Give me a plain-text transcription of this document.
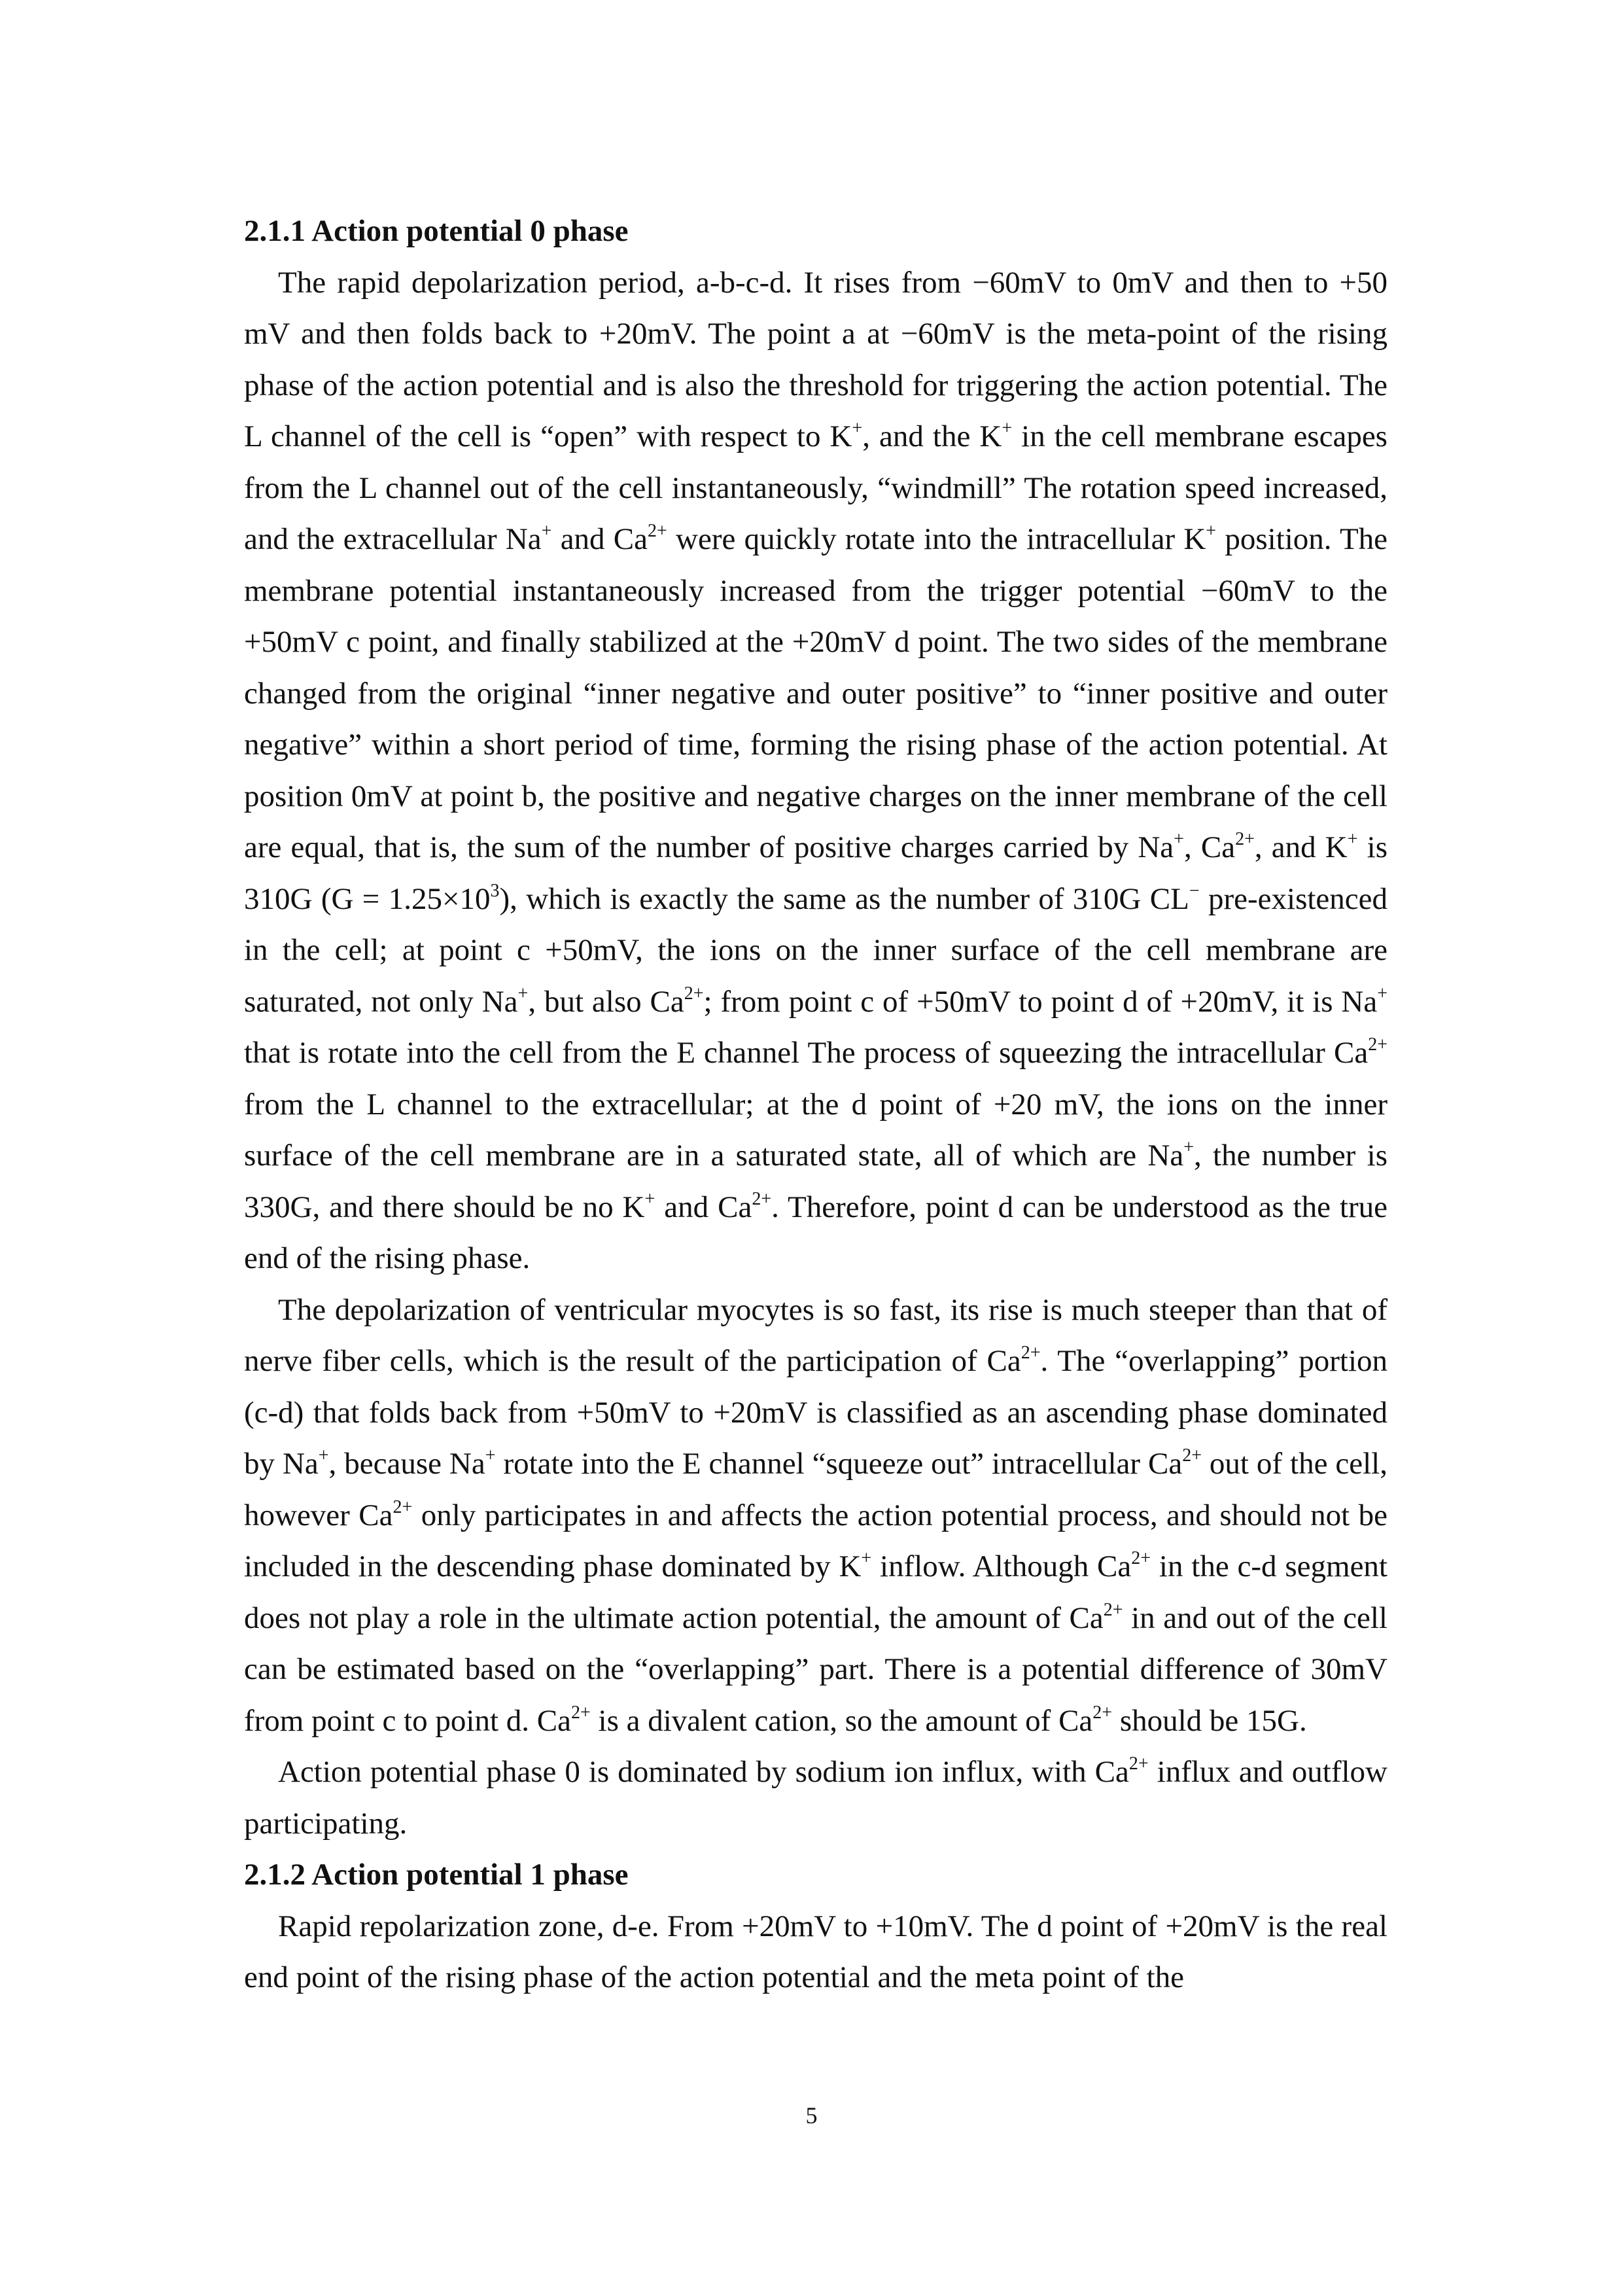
2.1.1 Action potential 0 phase

The rapid depolarization period, a-b-c-d. It rises from −60mV to 0mV and then to +50 mV and then folds back to +20mV. The point a at −60mV is the meta-point of the rising phase of the action potential and is also the threshold for triggering the action potential. The L channel of the cell is “open” with respect to K+, and the K+ in the cell membrane escapes from the L channel out of the cell instantaneously, “windmill” The rotation speed increased, and the extracellular Na+ and $Ca^{2+}$ were quickly rotate into the intracellular K+ position. The membrane potential instantaneously increased from the trigger potential −60mV to the +50mV c point, and finally stabilized at the +20mV d point. The two sides of the membrane changed from the original “inner negative and outer positive” to “inner positive and outer negative” within a short period of time, forming the rising phase of the action potential. At position 0mV at point b, the positive and negative charges on the inner membrane of the cell are equal, that is, the sum of the number of positive charges carried by Na+, $Ca^{2+}$, and K+ is 310G $(G = 1.25\times 10^3)$, which is exactly the same as the number of 310G CL− pre-existenced in the cell; at point c +50mV, the ions on the inner surface of the cell membrane are saturated, not only Na+, but also $Ca^{2+}$; from point c of +50mV to point d of +20mV, it is Na+ that is rotate into the cell from the E channel The process of squeezing the intracellular $Ca^{2+}$ from the L channel to the extracellular; at the d point of +20 mV, the ions on the inner surface of the cell membrane are in a saturated state, all of which are Na+, the number is 330G, and there should be no K+ and $Ca^{2+}$. Therefore, point d can be understood as the true end of the rising phase.

The depolarization of ventricular myocytes is so fast, its rise is much steeper than that of nerve fiber cells, which is the result of the participation of $Ca^{2+}$. The “overlapping” portion (c-d) that folds back from +50mV to +20mV is classified as an ascending phase dominated by Na+, because Na+ rotate into the E channel “squeeze out” intracellular $Ca^{2+}$ out of the cell, however $Ca^{2+}$ only participates in and affects the action potential process, and should not be included in the descending phase dominated by K+ inflow. Although $Ca^{2+}$ in the c-d segment does not play a role in the ultimate action potential, the amount of $Ca^{2+}$ in and out of the cell can be estimated based on the “overlapping” part. There is a potential difference of 30mV from point c to point d. $Ca^{2+}$ is a divalent cation, so the amount of $Ca^{2+}$ should be 15G.

Action potential phase 0 is dominated by sodium ion influx, with $Ca^{2+}$ influx and outflow participating.

2.1.2 Action potential 1 phase

Rapid repolarization zone, d-e. From +20mV to +10mV. The d point of +20mV is the real end point of the rising phase of the action potential and the meta point of the

5
